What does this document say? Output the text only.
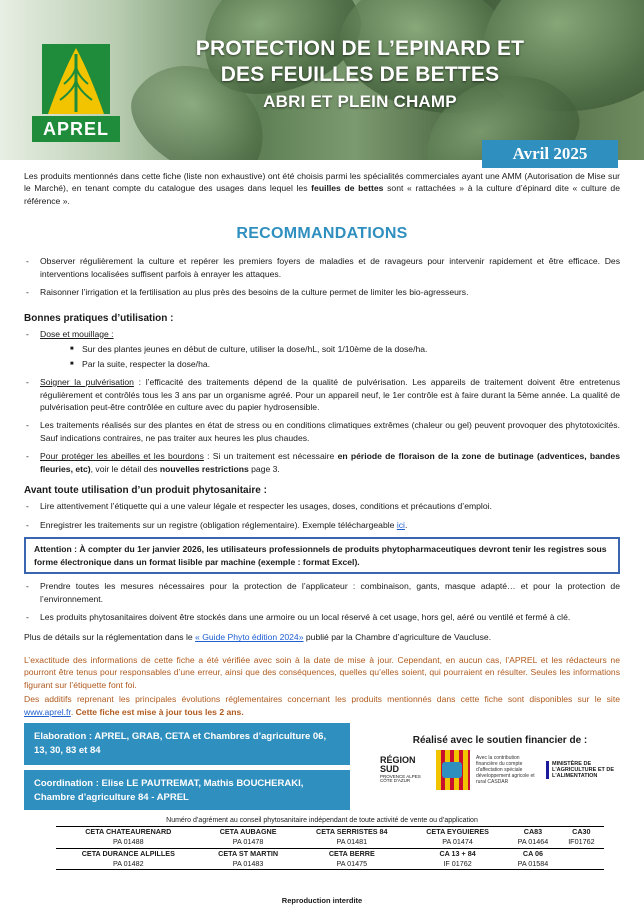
APREL
PROTECTION DE L’EPINARD ET
DES FEUILLES DE BETTES
ABRI ET PLEIN CHAMP
Avril 2025

Les produits mentionnés dans cette fiche (liste non exhaustive) ont été choisis parmi les spécialités commerciales ayant une AMM (Autorisation de Mise sur le Marché), en tenant compte du catalogue des usages dans lequel les feuilles de bettes sont « rattachées » à la culture d’épinard dite « culture de référence ».

RECOMMANDATIONS
- Observer régulièrement la culture et repérer les premiers foyers de maladies et de ravageurs pour intervenir rapidement et être efficace. Des interventions localisées suffisent parfois à enrayer les attaques.
- Raisonner l’irrigation et la fertilisation au plus près des besoins de la culture permet de limiter les bio-agresseurs.
Bonnes pratiques d’utilisation :
- Dose et mouillage :
■ Sur des plantes jeunes en début de culture, utiliser la dose/hL, soit 1/10ème de la dose/ha.
■ Par la suite, respecter la dose/ha.
- Soigner la pulvérisation : l’efficacité des traitements dépend de la qualité de pulvérisation. Les appareils de traitement doivent être entretenus régulièrement et contrôlés tous les 3 ans par un organisme agréé. Pour un appareil neuf, le 1er contrôle est à faire durant la 5ème année. La qualité de pulvérisation peut-être contrôlée en culture avec du papier hydrosensible.
- Les traitements réalisés sur des plantes en état de stress ou en conditions climatiques extrêmes (chaleur ou gel) peuvent provoquer des phytotoxicités. Sauf indications contraires, ne pas traiter aux heures les plus chaudes.
- Pour protéger les abeilles et les bourdons : Si un traitement est nécessaire en période de floraison de la zone de butinage (adventices, bandes fleuries, etc), voir le détail des nouvelles restrictions page 3.
Avant toute utilisation d’un produit phytosanitaire :
- Lire attentivement l’étiquette qui a une valeur légale et respecter les usages, doses, conditions et précautions d’emploi.
- Enregistrer les traitements sur un registre (obligation réglementaire). Exemple téléchargeable ici.
Attention : À compter du 1er janvier 2026, les utilisateurs professionnels de produits phytopharmaceutiques devront tenir les registres sous forme électronique dans un format lisible par machine (exemple : format Excel).
- Prendre toutes les mesures nécessaires pour la protection de l’applicateur : combinaison, gants, masque adapté… et pour la protection de l’environnement.
- Les produits phytosanitaires doivent être stockés dans une armoire ou un local réservé à cet usage, hors gel, aéré ou ventilé et fermé à clé.

Plus de détails sur la réglementation dans le « Guide Phyto édition 2024» publié par la Chambre d’agriculture de Vaucluse.

L’exactitude des informations de cette fiche a été vérifiée avec soin à la date de mise à jour. Cependant, en aucun cas, l’APREL et les rédacteurs ne pourront être tenus pour responsables d’une erreur, ainsi que des conséquences, quelles qu’elles soient, qui pourraient en résulter. Seules les informations figurant sur l’étiquette font foi.

Des additifs reprenant les principales évolutions réglementaires concernant les produits mentionnés dans cette fiche sont disponibles sur le site www.aprel.fr. Cette fiche est mise à jour tous les 2 ans.

Elaboration : APREL, GRAB, CETA et Chambres d’agriculture 06, 13, 30, 83 et 84
Coordination : Elise LE PAUTREMAT, Mathis BOUCHERAKI, Chambre d’agriculture 84 - APREL
Réalisé avec le soutien financier de :
RÉGION SUD
PROVENCE ALPES CÔTE D'AZUR
Avec la contribution financière du compte d'affectation spéciale développement agricole et rural CASDAR
MINISTÈRE DE L'AGRICULTURE ET DE L'ALIMENTATION
Numéro d’agrément au conseil phytosanitaire indépendant de toute activité de vente ou d’application
CETA CHATEAURENARD	CETA AUBAGNE	CETA SERRISTES 84	CETA EYGUIERES	CA83	CA30
PA 01488	PA 01478	PA 01481	PA 01474	PA 01464	IF01762
CETA DURANCE ALPILLES	CETA ST MARTIN	CETA BERRE	CA 13 + 84	CA 06	
PA 01482	PA 01483	PA 01475	IF 01762	PA 01584	
Reproduction interdite
